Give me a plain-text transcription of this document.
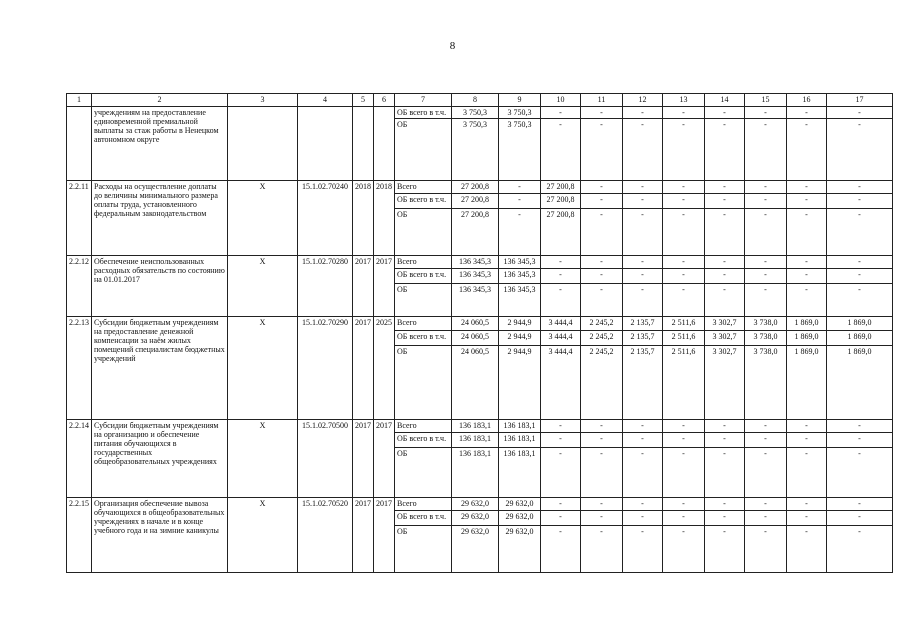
8
1	2	3	4	5	6	7	8	9	10	11	12	13	14	15	16	17
	учреждениям на предоставление единовременной премиальной выплаты за стаж работы в Ненецком автономном округе					ОБ всего в т.ч.	3 750,3	3 750,3	-	-	-	-	-	-	-	-
						ОБ	3 750,3	3 750,3	-	-	-	-	-	-	-	-
2.2.11	Расходы на осуществление доплаты до величины минимального размера оплаты труда, установленного федеральным законодательством	Х	15.1.02.70240	2018	2018	Всего	27 200,8	-	27 200,8	-	-	-	-	-	-	-
						ОБ всего в т.ч.	27 200,8	-	27 200,8	-	-	-	-	-	-	-
						ОБ	27 200,8	-	27 200,8	-	-	-	-	-	-	-
2.2.12	Обеспечение неиспользованных расходных обязательств по состоянию на 01.01.2017	Х	15.1.02.70280	2017	2017	Всего	136 345,3	136 345,3	-	-	-	-	-	-	-	-
						ОБ всего в т.ч.	136 345,3	136 345,3	-	-	-	-	-	-	-	-
						ОБ	136 345,3	136 345,3	-	-	-	-	-	-	-	-
2.2.13	Субсидии бюджетным учреждениям на предоставление денежной компенсации за наём жилых помещений специалистам бюджетных учреждений	Х	15.1.02.70290	2017	2025	Всего	24 060,5	2 944,9	3 444,4	2 245,2	2 135,7	2 511,6	3 302,7	3 738,0	1 869,0	1 869,0
						ОБ всего в т.ч.	24 060,5	2 944,9	3 444,4	2 245,2	2 135,7	2 511,6	3 302,7	3 738,0	1 869,0	1 869,0
						ОБ	24 060,5	2 944,9	3 444,4	2 245,2	2 135,7	2 511,6	3 302,7	3 738,0	1 869,0	1 869,0
2.2.14	Субсидии бюджетным учреждениям на организацию и обеспечение питания обучающихся в государственных общеобразовательных учреждениях	Х	15.1.02.70500	2017	2017	Всего	136 183,1	136 183,1	-	-	-	-	-	-	-	-
						ОБ всего в т.ч.	136 183,1	136 183,1	-	-	-	-	-	-	-	-
						ОБ	136 183,1	136 183,1	-	-	-	-	-	-	-	-
2.2.15	Организация обеспечение вывоза обучающихся в общеобразовательных учреждениях в начале и в конце учебного года и на зимние каникулы	Х	15.1.02.70520	2017	2017	Всего	29 632,0	29 632,0	-	-	-	-	-	-	-	-
						ОБ всего в т.ч.	29 632,0	29 632,0	-	-	-	-	-	-	-	-
						ОБ	29 632,0	29 632,0	-	-	-	-	-	-	-	-
